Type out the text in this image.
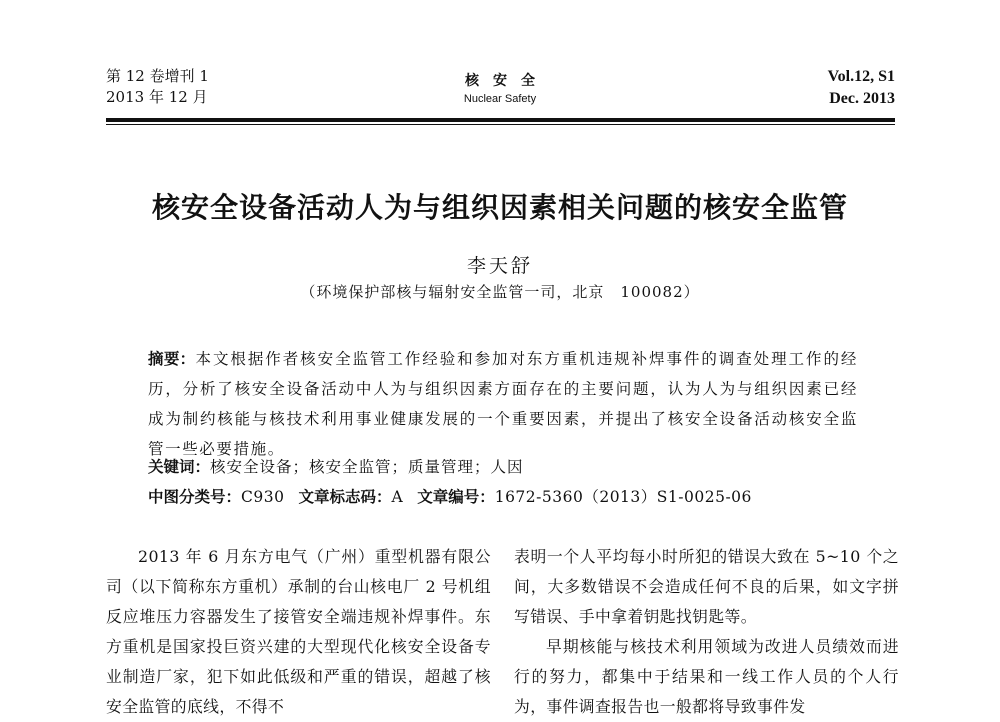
第 12 卷增刊 1
2013 年 12 月
核安全
Nuclear Safety
Vol.12, S1
Dec. 2013
核安全设备活动人为与组织因素相关问题的核安全监管
李天舒
（环境保护部核与辐射安全监管一司，北京　100082）
摘要：本文根据作者核安全监管工作经验和参加对东方重机违规补焊事件的调查处理工作的经历，分析了核安全设备活动中人为与组织因素方面存在的主要问题，认为人为与组织因素已经成为制约核能与核技术利用事业健康发展的一个重要因素，并提出了核安全设备活动核安全监管一些必要措施。
关键词：核安全设备；核安全监管；质量管理；人因
中图分类号：C930 文章标志码：A 文章编号：1672-5360（2013）S1-0025-06

2013 年 6 月东方电气（广州）重型机器有限公司（以下简称东方重机）承制的台山核电厂 2 号机组反应堆压力容器发生了接管安全端违规补焊事件。东方重机是国家投巨资兴建的大型现代化核安全设备专业制造厂家，犯下如此低级和严重的错误，超越了核安全监管的底线，不得不

表明一个人平均每小时所犯的错误大致在 5~10 个之间，大多数错误不会造成任何不良的后果，如文字拼写错误、手中拿着钥匙找钥匙等。

早期核能与核技术利用领域为改进人员绩效而进行的努力，都集中于结果和一线工作人员的个人行为，事件调查报告也一般都将导致事件发
